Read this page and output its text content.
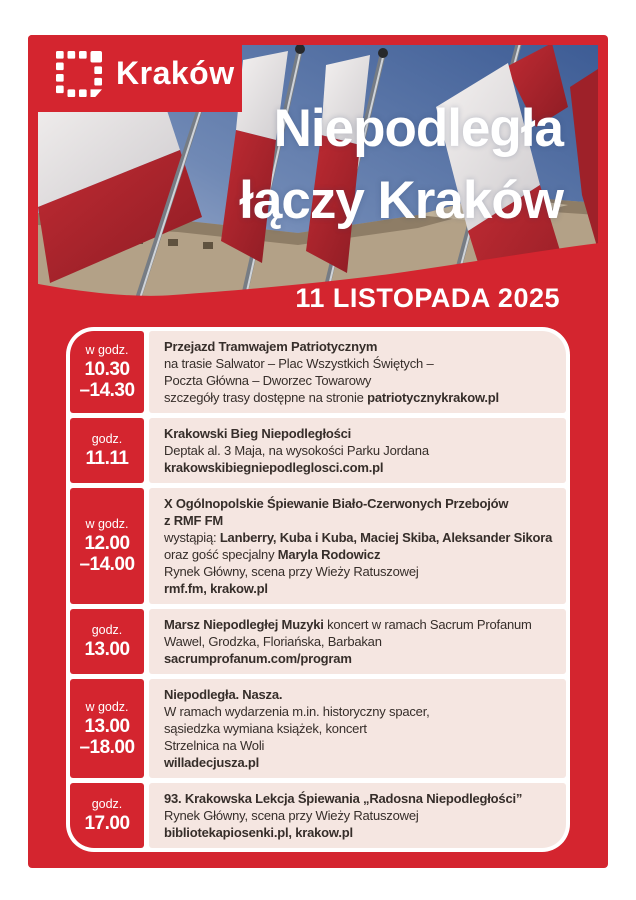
Kraków
Niepodległa
łączy Kraków
11 LISTOPADA 2025
w godz.
10.30
–14.30
Przejazd Tramwajem Patriotycznym
na trasie Salwator – Plac Wszystkich Świętych –
Poczta Główna – Dworzec Towarowy
szczegóły trasy dostępne na stronie patriotycznykrakow.pl
godz.
11.11
Krakowski Bieg Niepodległości
Deptak al. 3 Maja, na wysokości Parku Jordana
krakowskibiegniepodleglosci.com.pl
w godz.
12.00
–14.00
X Ogólnopolskie Śpiewanie Biało-Czerwonych Przebojów
z RMF FM
wystąpią: Lanberry, Kuba i Kuba, Maciej Skiba, Aleksander Sikora
oraz gość specjalny Maryla Rodowicz
Rynek Główny, scena przy Wieży Ratuszowej
rmf.fm, krakow.pl
godz.
13.00
Marsz Niepodległej Muzyki koncert w ramach Sacrum Profanum
Wawel, Grodzka, Floriańska, Barbakan
sacrumprofanum.com/program
w godz.
13.00
–18.00
Niepodległa. Nasza.
W ramach wydarzenia m.in. historyczny spacer,
sąsiedzka wymiana książek, koncert
Strzelnica na Woli
willadecjusza.pl
godz.
17.00
93. Krakowska Lekcja Śpiewania „Radosna Niepodległości”
Rynek Główny, scena przy Wieży Ratuszowej
bibliotekapiosenki.pl, krakow.pl
